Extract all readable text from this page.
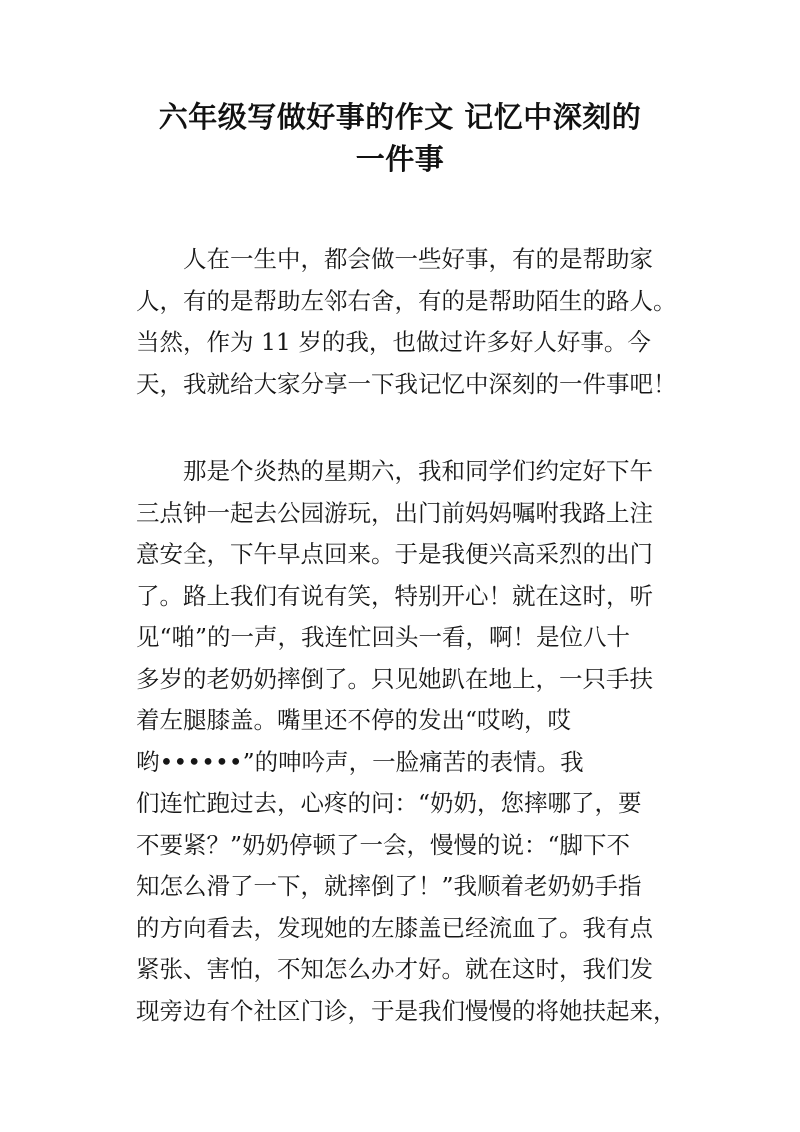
六年级写做好事的作文 记忆中深刻的
一件事
人在一生中，都会做一些好事，有的是帮助家
人，有的是帮助左邻右舍，有的是帮助陌生的路人。
当然，作为 11 岁的我，也做过许多好人好事。今
天，我就给大家分享一下我记忆中深刻的一件事吧！
那是个炎热的星期六，我和同学们约定好下午
三点钟一起去公园游玩，出门前妈妈嘱咐我路上注
意安全，下午早点回来。于是我便兴高采烈的出门
了。路上我们有说有笑，特别开心！就在这时，听
见“啪”的一声，我连忙回头一看，啊！是位八十
多岁的老奶奶摔倒了。只见她趴在地上，一只手扶
着左腿膝盖。嘴里还不停的发出“哎哟，哎
哟••••••”的呻吟声，一脸痛苦的表情。我
们连忙跑过去，心疼的问：“奶奶，您摔哪了，要
不要紧？”奶奶停顿了一会，慢慢的说：“脚下不
知怎么滑了一下，就摔倒了！”我顺着老奶奶手指
的方向看去，发现她的左膝盖已经流血了。我有点
紧张、害怕，不知怎么办才好。就在这时，我们发
现旁边有个社区门诊，于是我们慢慢的将她扶起来，
